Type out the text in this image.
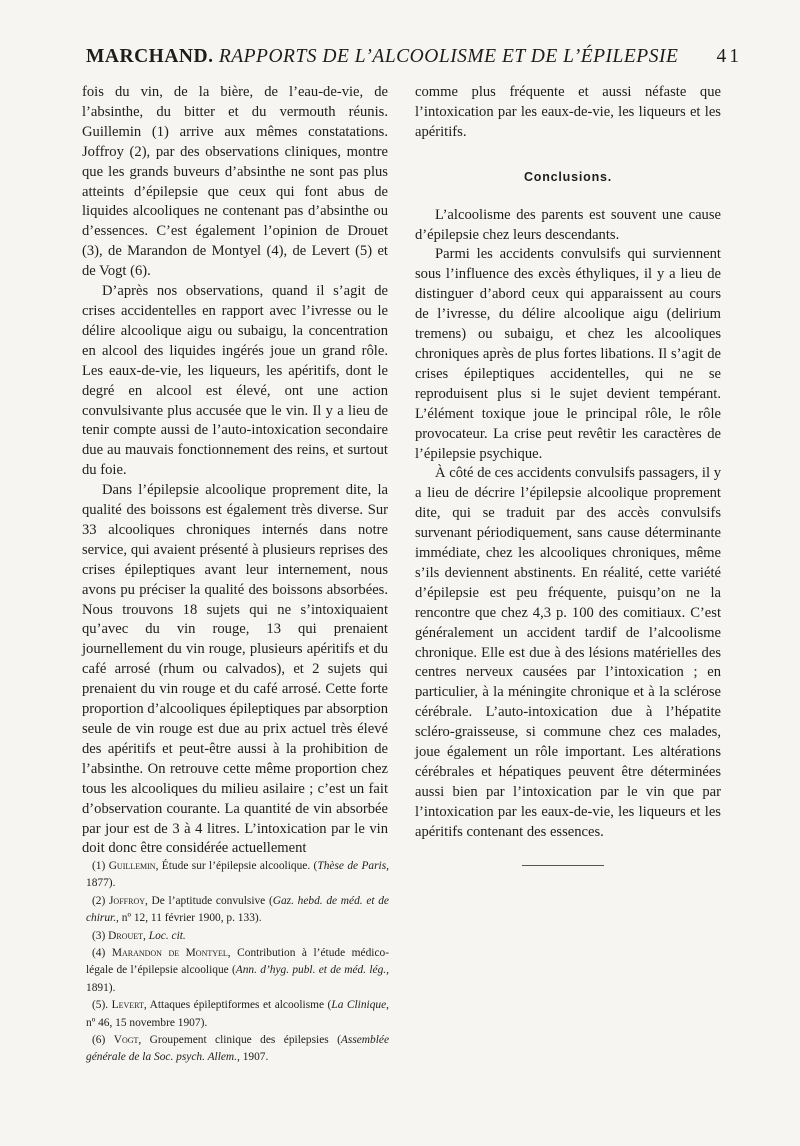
MARCHAND. RAPPORTS DE L’ALCOOLISME ET DE L’ÉPILEPSIE 41

fois du vin, de la bière, de l’eau-de-vie, de l’absinthe, du bitter et du vermouth réunis. Guillemin (1) arrive aux mêmes constatations. Joffroy (2), par des observations cliniques, montre que les grands buveurs d’absinthe ne sont pas plus atteints d’épilepsie que ceux qui font abus de liquides alcooliques ne contenant pas d’absinthe ou d’essences. C’est également l’opinion de Drouet (3), de Marandon de Montyel (4), de Levert (5) et de Vogt (6).

D’après nos observations, quand il s’agit de crises accidentelles en rapport avec l’ivresse ou le délire alcoolique aigu ou subaigu, la concentration en alcool des liquides ingérés joue un grand rôle. Les eaux-de-vie, les liqueurs, les apéritifs, dont le degré en alcool est élevé, ont une action convulsivante plus accusée que le vin. Il y a lieu de tenir compte aussi de l’auto-intoxication secondaire due au mauvais fonctionnement des reins, et surtout du foie.

Dans l’épilepsie alcoolique proprement dite, la qualité des boissons est également très diverse. Sur 33 alcooliques chroniques internés dans notre service, qui avaient présenté à plusieurs reprises des crises épileptiques avant leur internement, nous avons pu préciser la qualité des boissons absorbées. Nous trouvons 18 sujets qui ne s’intoxiquaient qu’avec du vin rouge, 13 qui prenaient journellement du vin rouge, plusieurs apéritifs et du café arrosé (rhum ou calvados), et 2 sujets qui prenaient du vin rouge et du café arrosé. Cette forte proportion d’alcooliques épileptiques par absorption seule de vin rouge est due au prix actuel très élevé des apéritifs et peut-être aussi à la prohibition de l’absinthe. On retrouve cette même proportion chez tous les alcooliques du milieu asilaire ; c’est un fait d’observation courante. La quantité de vin absorbée par jour est de 3 à 4 litres. L’intoxication par le vin doit donc être considérée actuellement

comme plus fréquente et aussi néfaste que l’intoxication par les eaux-de-vie, les liqueurs et les apéritifs.

Conclusions.

L’alcoolisme des parents est souvent une cause d’épilepsie chez leurs descendants.

Parmi les accidents convulsifs qui surviennent sous l’influence des excès éthyliques, il y a lieu de distinguer d’abord ceux qui apparaissent au cours de l’ivresse, du délire alcoolique aigu (delirium tremens) ou subaigu, et chez les alcooliques chroniques après de plus fortes libations. Il s’agit de crises épileptiques accidentelles, qui ne se reproduisent plus si le sujet devient tempérant. L’élément toxique joue le principal rôle, le rôle provocateur. La crise peut revêtir les caractères de l’épilepsie psychique.

À côté de ces accidents convulsifs passagers, il y a lieu de décrire l’épilepsie alcoolique proprement dite, qui se traduit par des accès convulsifs survenant périodiquement, sans cause déterminante immédiate, chez les alcooliques chroniques, même s’ils deviennent abstinents. En réalité, cette variété d’épilepsie est peu fréquente, puisqu’on ne la rencontre que chez 4,3 p. 100 des comitiaux. C’est généralement un accident tardif de l’alcoolisme chronique. Elle est due à des lésions matérielles des centres nerveux causées par l’intoxication ; en particulier, à la méningite chronique et à la sclérose cérébrale. L’auto-intoxication due à l’hépatite scléro-graisseuse, si commune chez ces malades, joue également un rôle important. Les altérations cérébrales et hépatiques peuvent être déterminées aussi bien par l’intoxication par le vin que par l’intoxication par les eaux-de-vie, les liqueurs et les apéritifs contenant des essences.

(1) Guillemin, Étude sur l’épilepsie alcoolique. (Thèse de Paris, 1877).

(2) Joffroy, De l’aptitude convulsive (Gaz. hebd. de méd. et de chirur., nº 12, 11 février 1900, p. 133).

(3) Drouet, Loc. cit.

(4) Marandon de Montyel, Contribution à l’étude médico-légale de l’épilepsie alcoolique (Ann. d’hyg. publ. et de méd. lég., 1891).

(5). Levert, Attaques épileptiformes et alcoolisme (La Clinique, nº 46, 15 novembre 1907).

(6) Vogt, Groupement clinique des épilepsies (Assemblée générale de la Soc. psych. Allem., 1907.
